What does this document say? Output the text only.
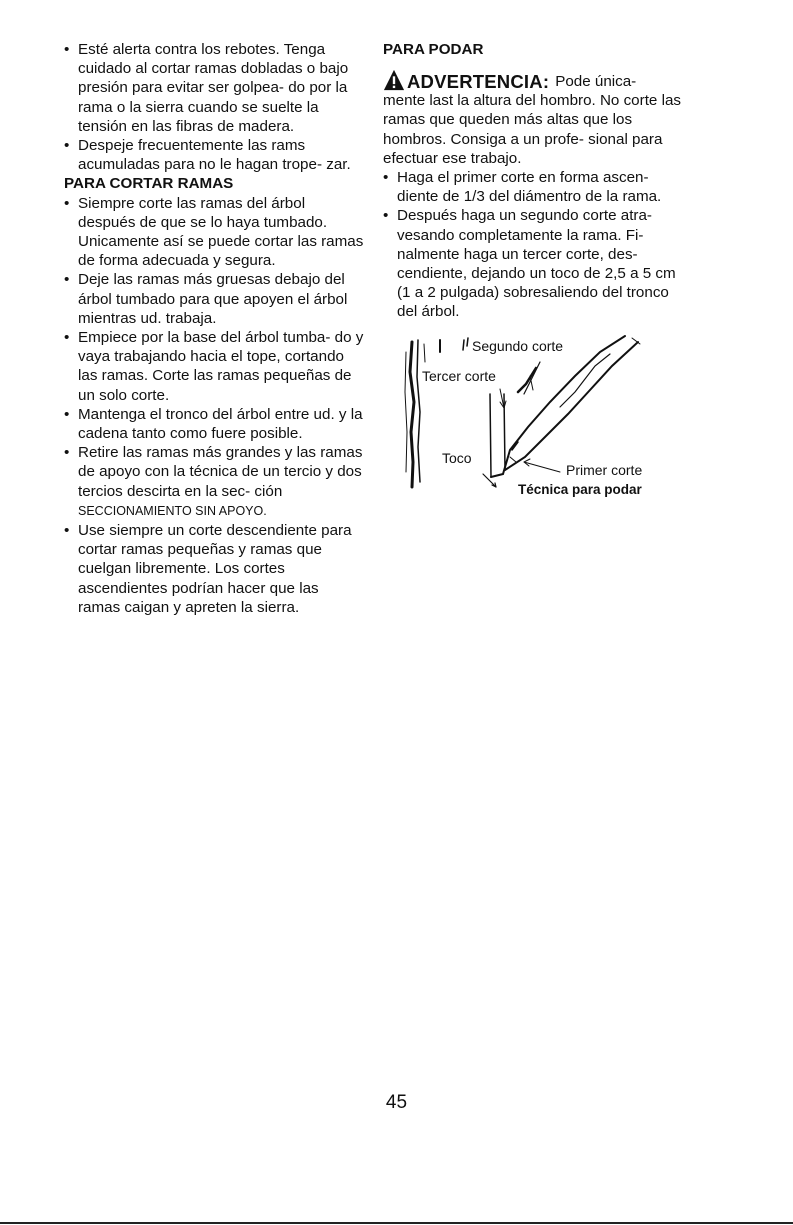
• Esté alerta contra los rebotes. Tenga cuidado al cortar ramas dobladas o bajo presión para evitar ser golpea- do por la rama o la sierra cuando se suelte la tensión en las fibras de madera.
• Despeje frecuentemente las rams acumuladas para no le hagan trope- zar.
PARA CORTAR RAMAS
• Siempre corte las ramas del árbol después de que se lo haya tumbado. Unicamente así se puede cortar las ramas de forma adecuada y segura.
• Deje las ramas más gruesas debajo del árbol tumbado para que apoyen el árbol mientras ud. trabaja.
• Empiece por la base del árbol tumba- do y vaya trabajando hacia el tope, cortando las ramas. Corte las ramas pequeñas de un solo corte.
• Mantenga el tronco del árbol entre ud. y la cadena tanto como fuere posible.
• Retire las ramas más grandes y las ramas de apoyo con la técnica de un tercio y dos tercios descirta en la sec- ción SECCIONAMIENTO SIN APOYO.
• Use siempre un corte descendiente para cortar ramas pequeñas y ramas que cuelgan libremente. Los cortes ascendientes podrían hacer que las ramas caigan y apreten la sierra.
PARA PODAR
ADVERTENCIA: Pode única-

mente last la altura del hombro. No corte las ramas que queden más altas que los hombros. Consiga a un profe- sional para efectuar ese trabajo.

• Haga el primer corte en forma ascen- diente de 1/3 del diámentro de la rama.
• Después haga un segundo corte atra- vesando completamente la rama. Fi- nalmente haga un tercer corte, des- cendiente, dejando un toco de 2,5 a 5 cm (1 a 2 pulgada) sobresaliendo del tronco del árbol.
Segundo corte
Tercer corte
Toco
Primer corte
Técnica para podar
45
